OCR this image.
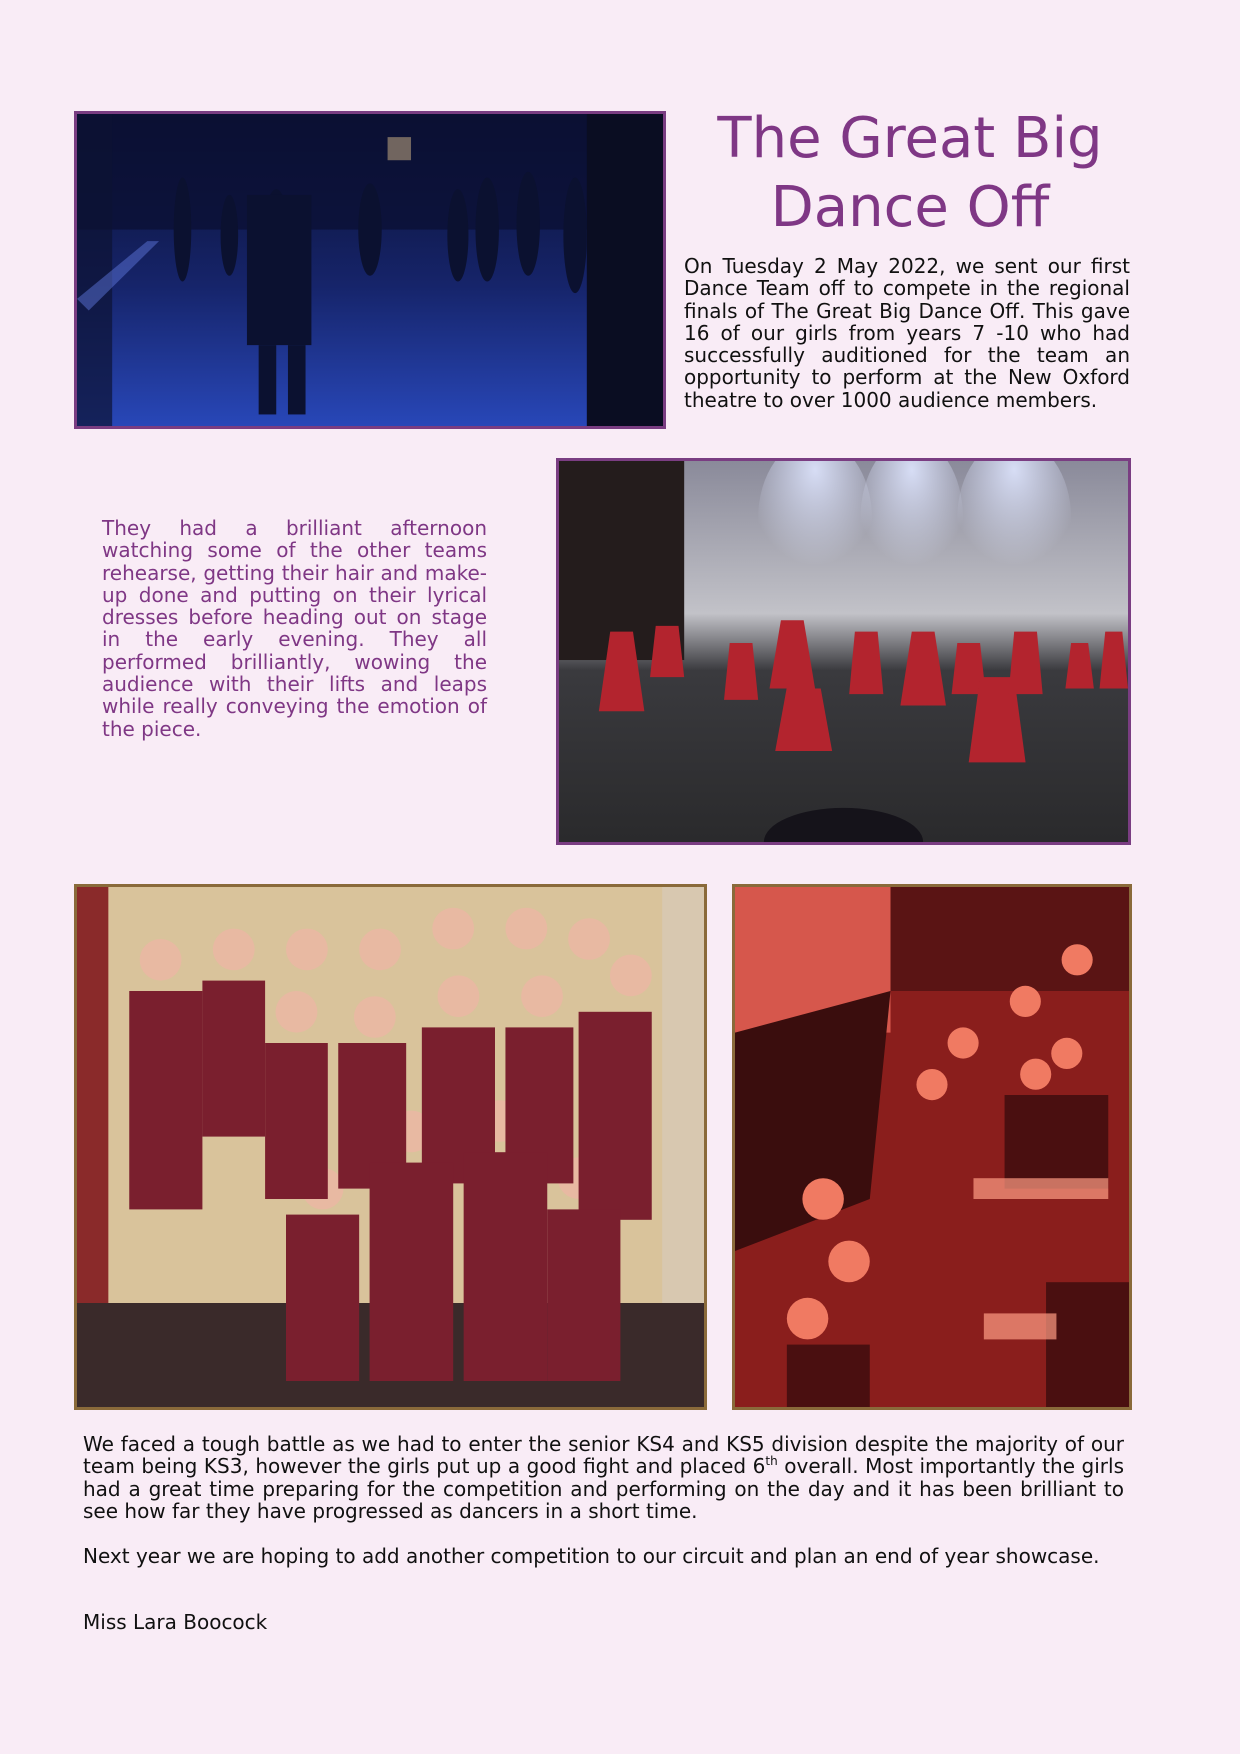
The Great Big
Dance Off

On Tuesday 2 May 2022, we sent our first Dance Team off to compete in the regional finals of The Great Big Dance Off. This gave 16 of our girls from years 7 -10 who had successfully auditioned for the team an opportunity to perform at the New Oxford theatre to over 1000 audience members.

They had a brilliant afternoon watching some of the other teams rehearse, getting their hair and make-up done and putting on their lyrical dresses before heading out on stage in the early evening. They all performed brilliantly, wowing the audience with their lifts and leaps while really conveying the emotion of the piece.

We faced a tough battle as we had to enter the senior KS4 and KS5 division despite the majority of our team being KS3, however the girls put up a good fight and placed 6th overall. Most importantly the girls had a great time preparing for the competition and performing on the day and it has been brilliant to see how far they have progressed as dancers in a short time.

Next year we are hoping to add another competition to our circuit and plan an end of year showcase.

Miss Lara Boocock
